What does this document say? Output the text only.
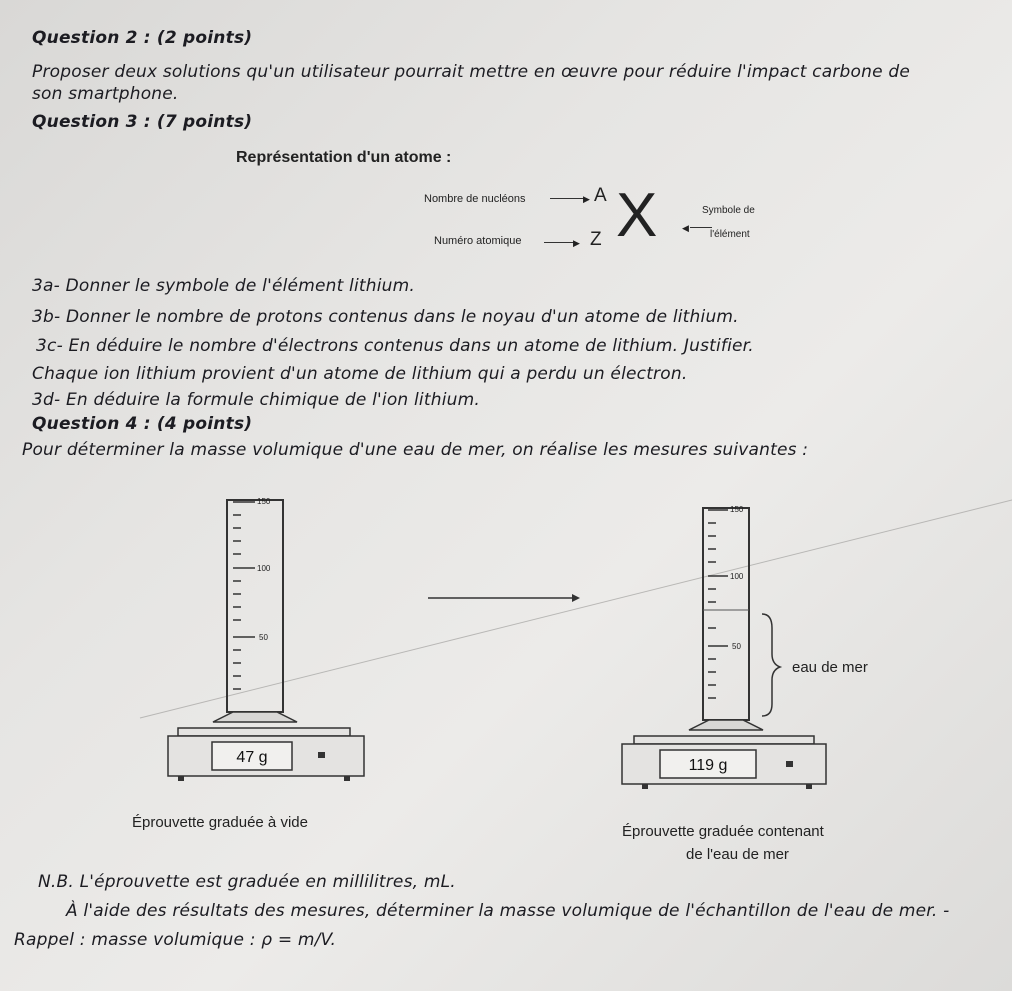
Question 2 : (2 points)
Proposer deux solutions qu'un utilisateur pourrait mettre en œuvre pour réduire l'impact carbone de
son smartphone.
Question 3 : (7 points)
Représentation d'un atome :
Nombre de nucléons	▶ A
Numéro atomique	▶ Z X	◀
Symbole de
l'élément
3a- Donner le symbole de l'élément lithium.
3b- Donner le nombre de protons contenus dans le noyau d'un atome de lithium.
3c- En déduire le nombre d'électrons contenus dans un atome de lithium. Justifier.
Chaque ion lithium provient d'un atome de lithium qui a perdu un électron.
3d- En déduire la formule chimique de l'ion lithium.
Question 4 : (4 points)
Pour déterminer la masse volumique d'une eau de mer, on réalise les mesures suivantes :
150
100
50
47 g
150
100
50
eau de mer
119 g
Éprouvette graduée à vide
Éprouvette graduée contenant
de l'eau de mer
N.B. L'éprouvette est graduée en millilitres, mL.
À l'aide des résultats des mesures, déterminer la masse volumique de l'échantillon de l'eau de mer. -
Rappel : masse volumique : ρ = m/V.
